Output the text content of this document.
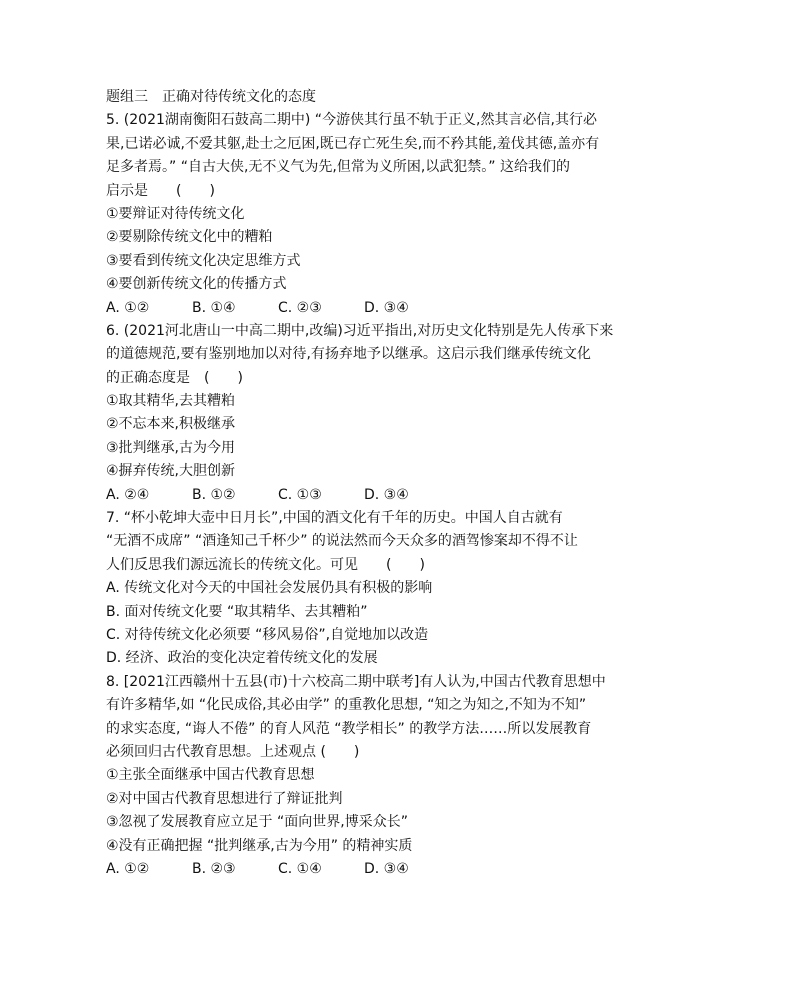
题组三　正确对待传统文化的态度
5. (2021湖南衡阳石鼓高二期中) “今游侠其行虽不轨于正义,然其言必信,其行必
果,已诺必诚,不爱其躯,赴士之厄困,既已存亡死生矣,而不矜其能,羞伐其德,盖亦有
足多者焉。” “自古大侠,无不义气为先,但常为义所困,以武犯禁。” 这给我们的
启示是　　(　　)
①要辩证对待传统文化
②要剔除传统文化中的糟粕
③要看到传统文化决定思维方式
④要创新传统文化的传播方式
A. ①②	B. ①④	C. ②③	D. ③④
6. (2021河北唐山一中高二期中,改编)习近平指出,对历史文化特别是先人传承下来
的道德规范,要有鉴别地加以对待,有扬弃地予以继承。这启示我们继承传统文化
的正确态度是　(　　)
①取其精华,去其糟粕
②不忘本来,积极继承
③批判继承,古为今用
④摒弃传统,大胆创新
A. ②④	B. ①②	C. ①③	D. ③④
7. “杯小乾坤大壶中日月长”,中国的酒文化有千年的历史。中国人自古就有
“无酒不成席” “酒逢知己千杯少” 的说法然而今天众多的酒驾惨案却不得不让
人们反思我们源远流长的传统文化。可见　　(　　)
A. 传统文化对今天的中国社会发展仍具有积极的影响
B. 面对传统文化要 “取其精华、去其糟粕”
C. 对待传统文化必须要 “移风易俗”,自觉地加以改造
D. 经济、政治的变化决定着传统文化的发展
8. [2021江西赣州十五县(市)十六校高二期中联考]有人认为,中国古代教育思想中
有许多精华,如 “化民成俗,其必由学” 的重教化思想, “知之为知之,不知为不知”
的求实态度, “诲人不倦” 的育人风范 “教学相长” 的教学方法……所以发展教育
必须回归古代教育思想。上述观点 (　　)
①主张全面继承中国古代教育思想
②对中国古代教育思想进行了辩证批判
③忽视了发展教育应立足于 “面向世界,博采众长”
④没有正确把握 “批判继承,古为今用” 的精神实质
A. ①②	B. ②③	C. ①④	D. ③④
